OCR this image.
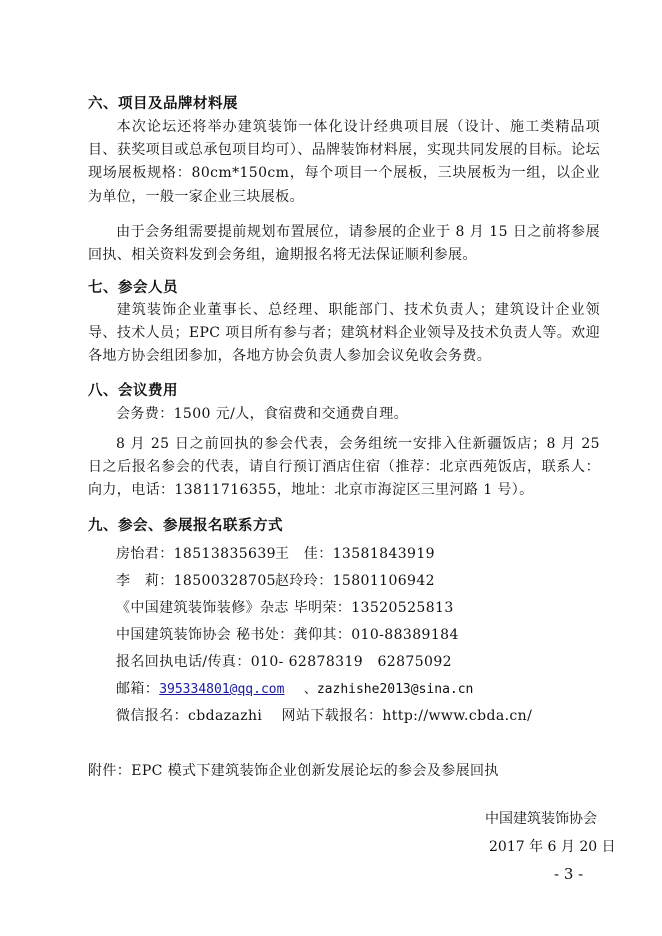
六、项目及品牌材料展
本次论坛还将举办建筑装饰一体化设计经典项目展（设计、施工类精品项目、获奖项目或总承包项目均可）、品牌装饰材料展，实现共同发展的目标。论坛现场展板规格：80cm*150cm，每个项目一个展板，三块展板为一组，以企业为单位，一般一家企业三块展板。
由于会务组需要提前规划布置展位，请参展的企业于 8 月 15 日之前将参展回执、相关资料发到会务组，逾期报名将无法保证顺利参展。
七、参会人员
建筑装饰企业董事长、总经理、职能部门、技术负责人；建筑设计企业领导、技术人员；EPC 项目所有参与者；建筑材料企业领导及技术负责人等。欢迎各地方协会组团参加，各地方协会负责人参加会议免收会务费。
八、会议费用
会务费：1500 元/人，食宿费和交通费自理。
8 月 25 日之前回执的参会代表，会务组统一安排入住新疆饭店；8 月 25 日之后报名参会的代表，请自行预订酒店住宿（推荐：北京西苑饭店，联系人：向力，电话：13811716355，地址：北京市海淀区三里河路 1 号）。
九、参会、参展报名联系方式
房怡君：18513835639 王　佳：13581843919
李　莉：18500328705 赵玲玲：15801106942
《中国建筑装饰装修》杂志 毕明荣：13520525813
中国建筑装饰协会 秘书处：龚仰其：010-88389184
报名回执电话/传真：010- 62878319　62875092
邮箱：395334801@qq.com 、zazhishe2013@sina.cn
微信报名：cbdazazhi　 网站下载报名：http://www.cbda.cn/
附件：EPC 模式下建筑装饰企业创新发展论坛的参会及参展回执
中国建筑装饰协会
2017 年 6 月 20 日
- 3 -
